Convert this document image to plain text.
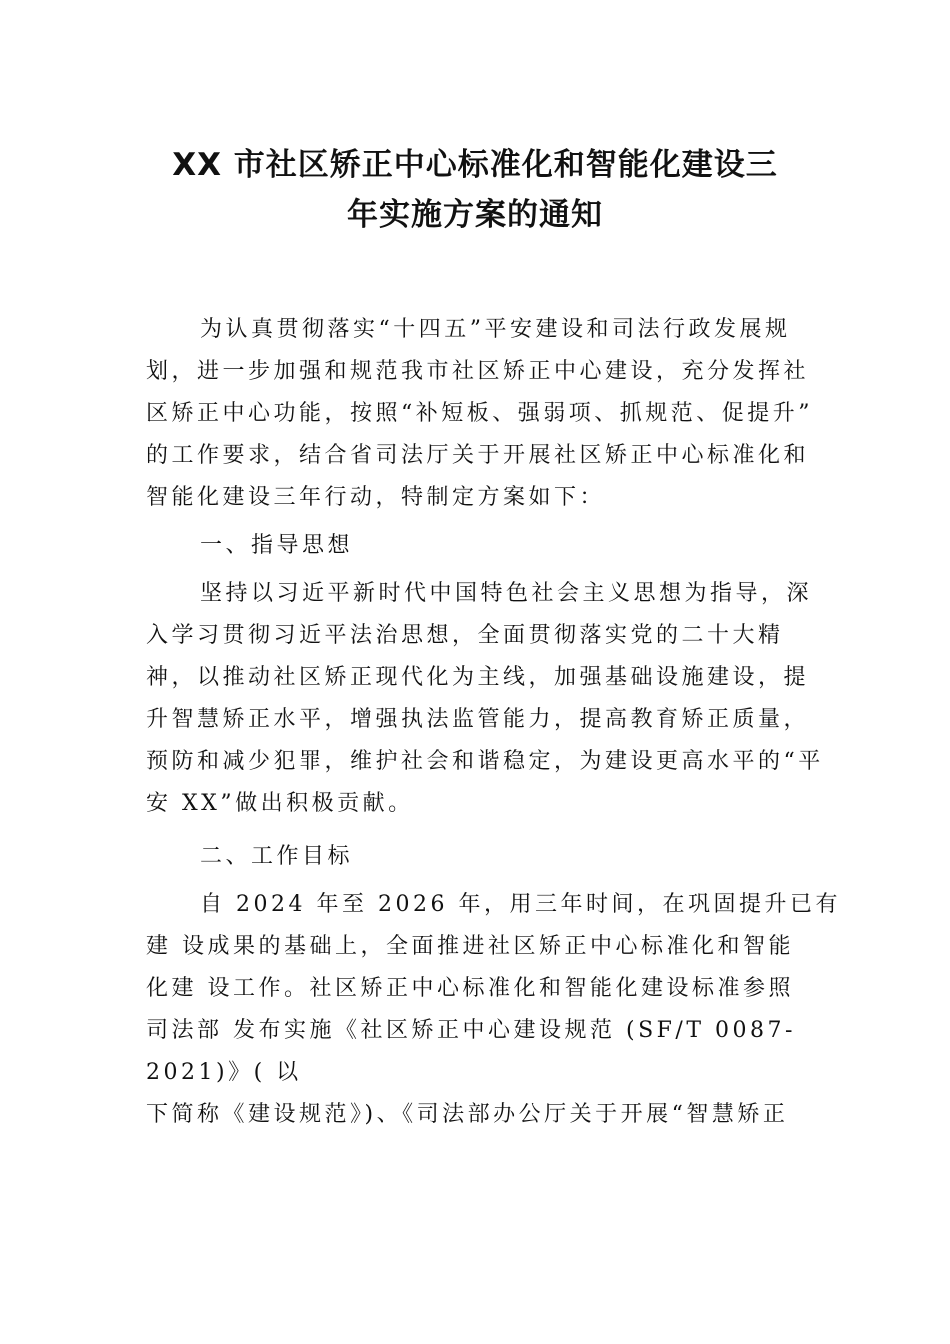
XX 市社区矫正中心标准化和智能化建设三
年实施方案的通知
为认真贯彻落实“十四五”平安建设和司法行政发展规
划，进一步加强和规范我市社区矫正中心建设，充分发挥社
区矫正中心功能，按照“补短板、强弱项、抓规范、促提升”
的工作要求，结合省司法厅关于开展社区矫正中心标准化和
智能化建设三年行动，特制定方案如下：
一、指导思想
坚持以习近平新时代中国特色社会主义思想为指导，深
入学习贯彻习近平法治思想，全面贯彻落实党的二十大精
神，以推动社区矫正现代化为主线，加强基础设施建设，提
升智慧矫正水平，增强执法监管能力，提高教育矫正质量，
预防和减少犯罪，维护社会和谐稳定，为建设更高水平的“平
安 XX”做出积极贡献。
二、工作目标
自 2024 年至 2026 年，用三年时间，在巩固提升已有
建 设成果的基础上，全面推进社区矫正中心标准化和智能
化建 设工作。社区矫正中心标准化和智能化建设标准参照
司法部 发布实施《社区矫正中心建设规范 (SF/T 0087-
2021)》( 以
下简称《建设规范》)、《司法部办公厅关于开展“智慧矫正
